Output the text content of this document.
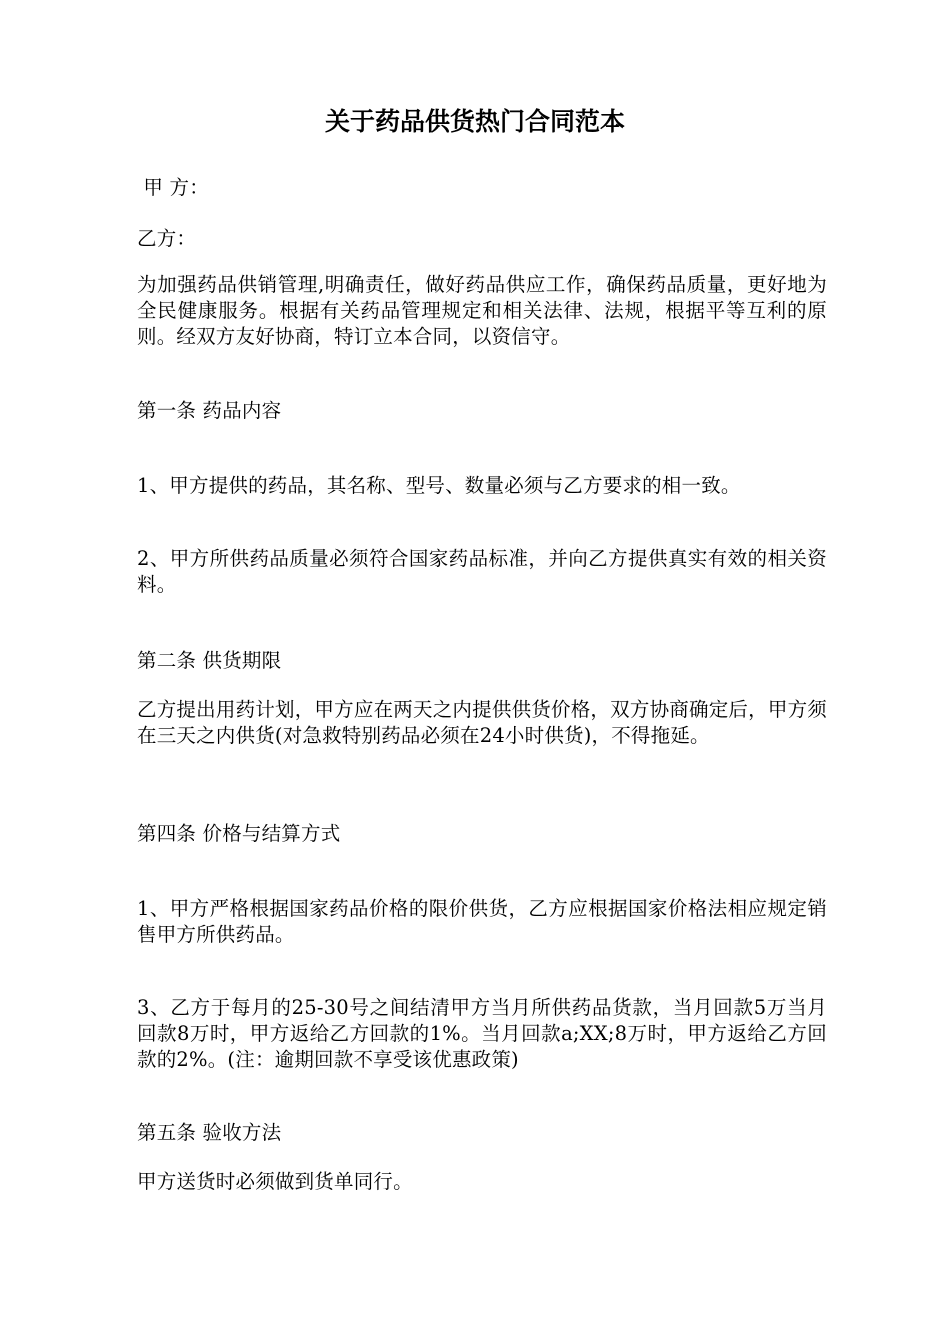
关于药品供货热门合同范本

甲 方：

乙方：

为加强药品供销管理,明确责任，做好药品供应工作，确保药品质量，更好地为全民健康服务。根据有关药品管理规定和相关法律、法规，根据平等互利的原则。经双方友好协商，特订立本合同，以资信守。

第一条 药品内容

1、甲方提供的药品，其名称、型号、数量必须与乙方要求的相一致。

2、甲方所供药品质量必须符合国家药品标准，并向乙方提供真实有效的相关资料。

第二条 供货期限

乙方提出用药计划，甲方应在两天之内提供供货价格，双方协商确定后，甲方须在三天之内供货(对急救特别药品必须在24小时供货)，不得拖延。

第四条 价格与结算方式

1、甲方严格根据国家药品价格的限价供货，乙方应根据国家价格法相应规定销售甲方所供药品。

3、乙方于每月的25-30号之间结清甲方当月所供药品货款，当月回款5万当月回款8万时，甲方返给乙方回款的1%。当月回款a;XX;8万时，甲方返给乙方回款的2%。(注：逾期回款不享受该优惠政策)

第五条 验收方法

甲方送货时必须做到货单同行。
